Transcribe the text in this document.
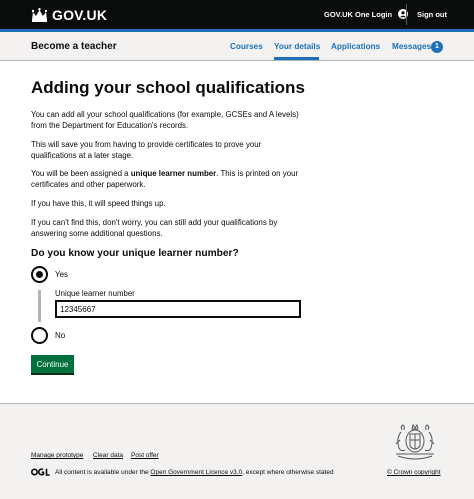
GOV.UK	GOV.UK One Login	Sign out
Become a teacher	Courses Your details Applications Messages 1
Adding your school qualifications

You can add all your school qualifications (for example, GCSEs and A levels) from the Department for Education's records.

This will save you from having to provide certificates to prove your qualifications at a later stage.

You will be been assigned a unique learner number. This is printed on your certificates and other paperwork.

If you have this, it will speed things up.

If you can't find this, don't worry, you can still add your qualifications by answering some additional questions.

Do you know your unique learner number?
Yes
Unique learner number
12345667
No
Continue
Manage prototype Clear data Post offer
All content is available under the Open Government Licence v3.0, except where otherwise stated	© Crown copyright
